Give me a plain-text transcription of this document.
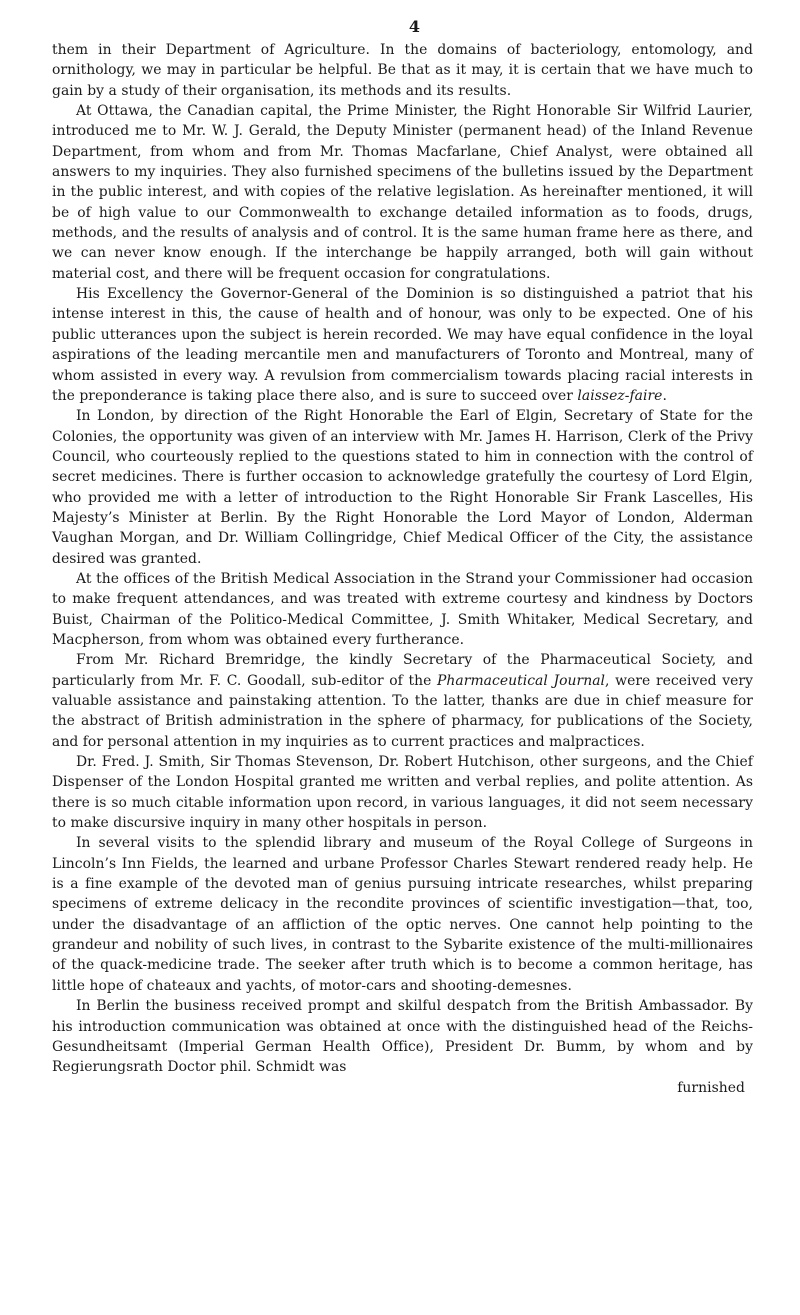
4

them in their Department of Agriculture. In the domains of bacteriology, entomology, and ornithology, we may in particular be helpful. Be that as it may, it is certain that we have much to gain by a study of their organisation, its methods and its results.

At Ottawa, the Canadian capital, the Prime Minister, the Right Honorable Sir Wilfrid Laurier, introduced me to Mr. W. J. Gerald, the Deputy Minister (permanent head) of the Inland Revenue Department, from whom and from Mr. Thomas Macfarlane, Chief Analyst, were obtained all answers to my inquiries. They also furnished specimens of the bulletins issued by the Department in the public interest, and with copies of the relative legislation. As hereinafter mentioned, it will be of high value to our Commonwealth to exchange detailed information as to foods, drugs, methods, and the results of analysis and of control. It is the same human frame here as there, and we can never know enough. If the interchange be happily arranged, both will gain without material cost, and there will be frequent occasion for congratulations.

His Excellency the Governor-General of the Dominion is so distinguished a patriot that his intense interest in this, the cause of health and of honour, was only to be expected. One of his public utterances upon the subject is herein recorded. We may have equal confidence in the loyal aspirations of the leading mercantile men and manufacturers of Toronto and Montreal, many of whom assisted in every way. A revulsion from commercialism towards placing racial interests in the preponderance is taking place there also, and is sure to succeed over laissez-faire.

In London, by direction of the Right Honorable the Earl of Elgin, Secretary of State for the Colonies, the opportunity was given of an interview with Mr. James H. Harrison, Clerk of the Privy Council, who courteously replied to the questions stated to him in connection with the control of secret medicines. There is further occasion to acknowledge gratefully the courtesy of Lord Elgin, who provided me with a letter of introduction to the Right Honorable Sir Frank Lascelles, His Majesty’s Minister at Berlin. By the Right Honorable the Lord Mayor of London, Alderman Vaughan Morgan, and Dr. William Collingridge, Chief Medical Officer of the City, the assistance desired was granted.

At the offices of the British Medical Association in the Strand your Commissioner had occasion to make frequent attendances, and was treated with extreme courtesy and kindness by Doctors Buist, Chairman of the Politico-Medical Committee, J. Smith Whitaker, Medical Secretary, and Macpherson, from whom was obtained every furtherance.

From Mr. Richard Bremridge, the kindly Secretary of the Pharmaceutical Society, and particularly from Mr. F. C. Goodall, sub-editor of the Pharmaceutical Journal, were received very valuable assistance and painstaking attention. To the latter, thanks are due in chief measure for the abstract of British administration in the sphere of pharmacy, for publications of the Society, and for personal attention in my inquiries as to current practices and malpractices.

Dr. Fred. J. Smith, Sir Thomas Stevenson, Dr. Robert Hutchison, other surgeons, and the Chief Dispenser of the London Hospital granted me written and verbal replies, and polite attention. As there is so much citable information upon record, in various languages, it did not seem necessary to make discursive inquiry in many other hospitals in person.

In several visits to the splendid library and museum of the Royal College of Surgeons in Lincoln’s Inn Fields, the learned and urbane Professor Charles Stewart rendered ready help. He is a fine example of the devoted man of genius pursuing intricate researches, whilst preparing specimens of extreme delicacy in the recondite provinces of scientific investigation—that, too, under the disadvantage of an affliction of the optic nerves. One cannot help pointing to the grandeur and nobility of such lives, in contrast to the Sybarite existence of the multi-millionaires of the quack-medicine trade. The seeker after truth which is to become a common heritage, has little hope of chateaux and yachts, of motor-cars and shooting-demesnes.

In Berlin the business received prompt and skilful despatch from the British Ambassador. By his introduction communication was obtained at once with the distinguished head of the Reichs-Gesundheitsamt (Imperial German Health Office), President Dr. Bumm, by whom and by Regierungsrath Doctor phil. Schmidt was

furnished
